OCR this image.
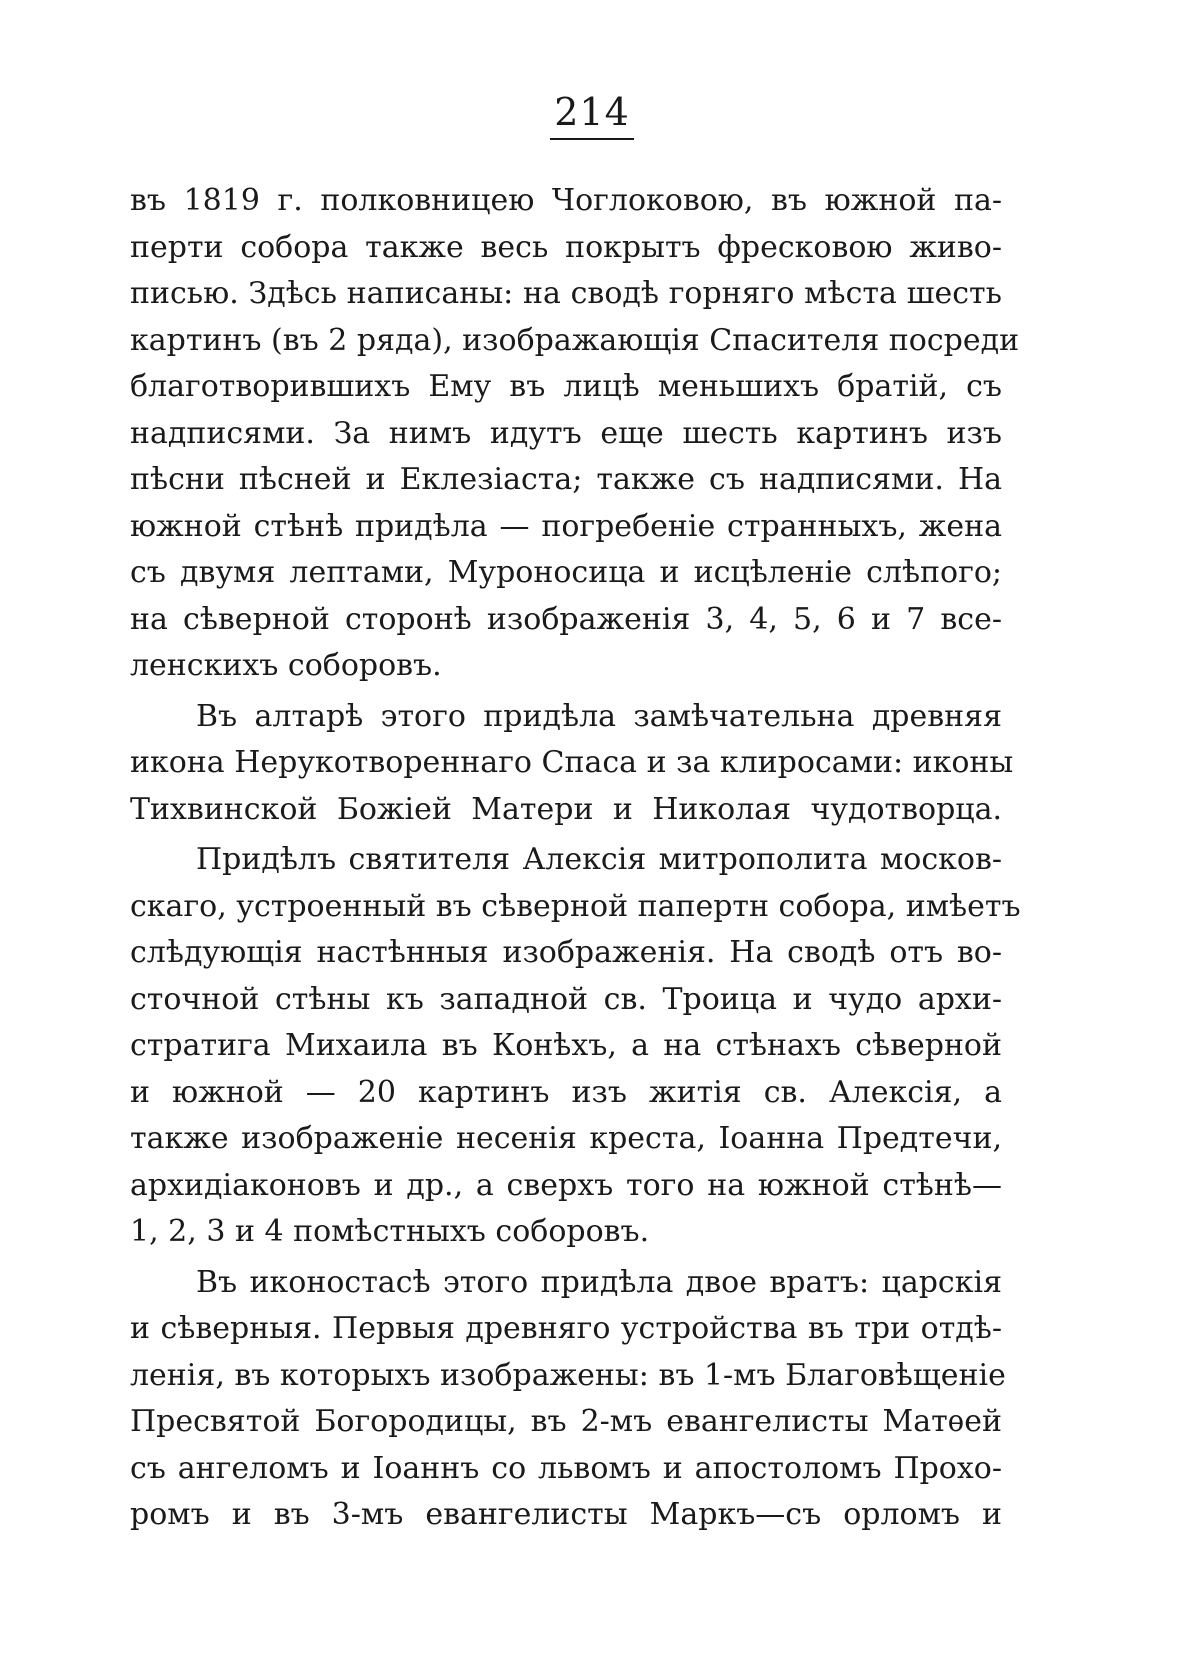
214
въ 1819 г. полковницею Чоглоковою, въ южной па-
перти собора также весь покрытъ фресковою живо-
писью. Здѣсь написаны: на сводѣ горняго мѣста шесть
картинъ (въ 2 ряда), изображающія Спасителя посреди
благотворившихъ Ему въ лицѣ меньшихъ братій, съ
надписями. За нимъ идутъ еще шесть картинъ изъ
пѣсни пѣсней и Еклезіаста; также съ надписями. На
южной стѣнѣ придѣла — погребеніе странныхъ, жена
съ двумя лептами, Муроносица и исцѣленіе слѣпого;
на сѣверной сторонѣ изображенія 3, 4, 5, 6 и 7 все-
ленскихъ соборовъ.
Въ алтарѣ этого придѣла замѣчательна древняя
икона Нерукотвореннаго Спаса и за клиросами: иконы
Тихвинской Божіей Матери и Николая чудотворца.
Придѣлъ святителя Алексія митрополита москов-
скаго, устроенный въ сѣверной папертн собора, имѣетъ
слѣдующія настѣнныя изображенія. На сводѣ отъ во-
сточной стѣны къ западной св. Троица и чудо архи-
стратига Михаила въ Конѣхъ, а на стѣнахъ сѣверной
и южной — 20 картинъ изъ житія св. Алексія, а
также изображеніе несенія креста, Іоанна Предтечи,
архидіаконовъ и др., а сверхъ того на южной стѣнѣ—
1, 2, 3 и 4 помѣстныхъ соборовъ.
Въ иконостасѣ этого придѣла двое вратъ: царскія
и сѣверныя. Первыя древняго устройства въ три отдѣ-
ленія, въ которыхъ изображены: въ 1-мъ Благовѣщеніе
Пресвятой Богородицы, въ 2-мъ евангелисты Матѳей
съ ангеломъ и Іоаннъ со львомъ и апостоломъ Прохо-
ромъ и въ 3-мъ евангелисты Маркъ—съ орломъ и
